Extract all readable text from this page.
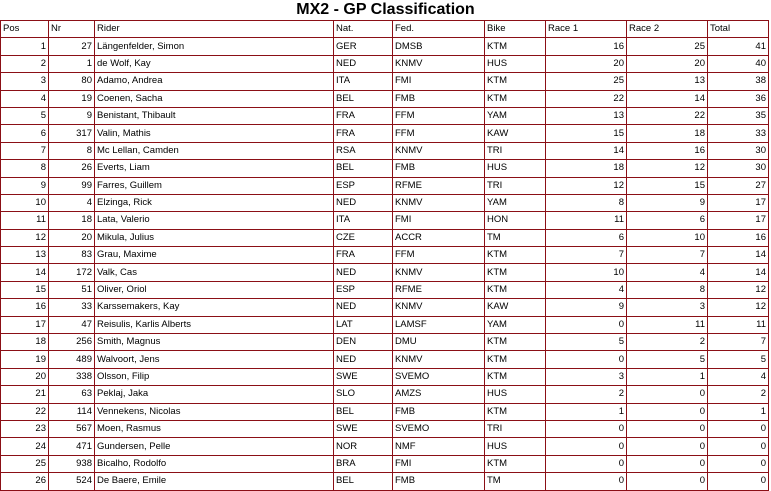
MX2 - GP Classification
Pos	Nr	Rider	Nat.	Fed.	Bike	Race 1	Race 2	Total
1	27	Längenfelder, Simon	GER	DMSB	KTM	16	25	41
2	1	de Wolf, Kay	NED	KNMV	HUS	20	20	40
3	80	Adamo, Andrea	ITA	FMI	KTM	25	13	38
4	19	Coenen, Sacha	BEL	FMB	KTM	22	14	36
5	9	Benistant, Thibault	FRA	FFM	YAM	13	22	35
6	317	Valin, Mathis	FRA	FFM	KAW	15	18	33
7	8	Mc Lellan, Camden	RSA	KNMV	TRI	14	16	30
8	26	Everts, Liam	BEL	FMB	HUS	18	12	30
9	99	Farres, Guillem	ESP	RFME	TRI	12	15	27
10	4	Elzinga, Rick	NED	KNMV	YAM	8	9	17
11	18	Lata, Valerio	ITA	FMI	HON	11	6	17
12	20	Mikula, Julius	CZE	ACCR	TM	6	10	16
13	83	Grau, Maxime	FRA	FFM	KTM	7	7	14
14	172	Valk, Cas	NED	KNMV	KTM	10	4	14
15	51	Oliver, Oriol	ESP	RFME	KTM	4	8	12
16	33	Karssemakers, Kay	NED	KNMV	KAW	9	3	12
17	47	Reisulis, Karlis Alberts	LAT	LAMSF	YAM	0	11	11
18	256	Smith, Magnus	DEN	DMU	KTM	5	2	7
19	489	Walvoort, Jens	NED	KNMV	KTM	0	5	5
20	338	Olsson, Filip	SWE	SVEMO	KTM	3	1	4
21	63	Peklaj, Jaka	SLO	AMZS	HUS	2	0	2
22	114	Vennekens, Nicolas	BEL	FMB	KTM	1	0	1
23	567	Moen, Rasmus	SWE	SVEMO	TRI	0	0	0
24	471	Gundersen, Pelle	NOR	NMF	HUS	0	0	0
25	938	Bicalho, Rodolfo	BRA	FMI	KTM	0	0	0
26	524	De Baere, Emile	BEL	FMB	TM	0	0	0
